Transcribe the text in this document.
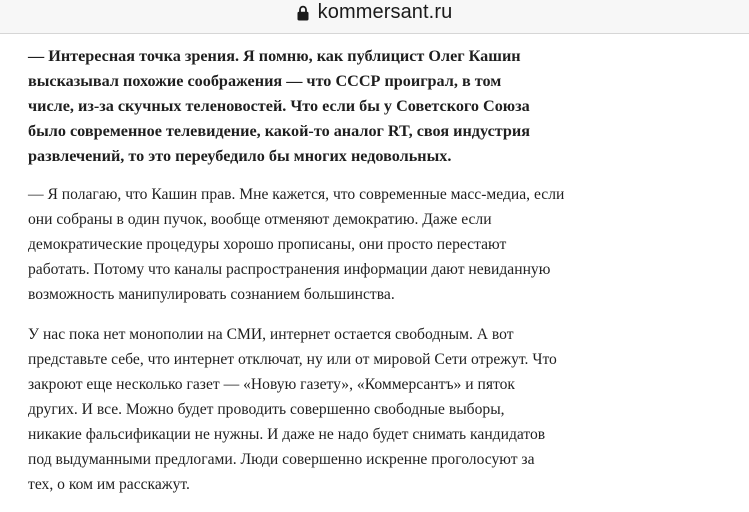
kommersant.ru

— Интересная точка зрения. Я помню, как публицист Олег Кашин
высказывал похожие соображения — что СССР проиграл, в том
числе, из-за скучных теленовостей. Что если бы у Советского Союза
было современное телевидение, какой-то аналог RT, своя индустрия
развлечений, то это переубедило бы многих недовольных.

— Я полагаю, что Кашин прав. Мне кажется, что современные масс-медиа, если
они собраны в один пучок, вообще отменяют демократию. Даже если
демократические процедуры хорошо прописаны, они просто перестают
работать. Потому что каналы распространения информации дают невиданную
возможность манипулировать сознанием большинства.

У нас пока нет монополии на СМИ, интернет остается свободным. А вот
представьте себе, что интернет отключат, ну или от мировой Сети отрежут. Что
закроют еще несколько газет — «Новую газету», «Коммерсантъ» и пяток
других. И все. Можно будет проводить совершенно свободные выборы,
никакие фальсификации не нужны. И даже не надо будет снимать кандидатов
под выдуманными предлогами. Люди совершенно искренне проголосуют за
тех, о ком им расскажут.
